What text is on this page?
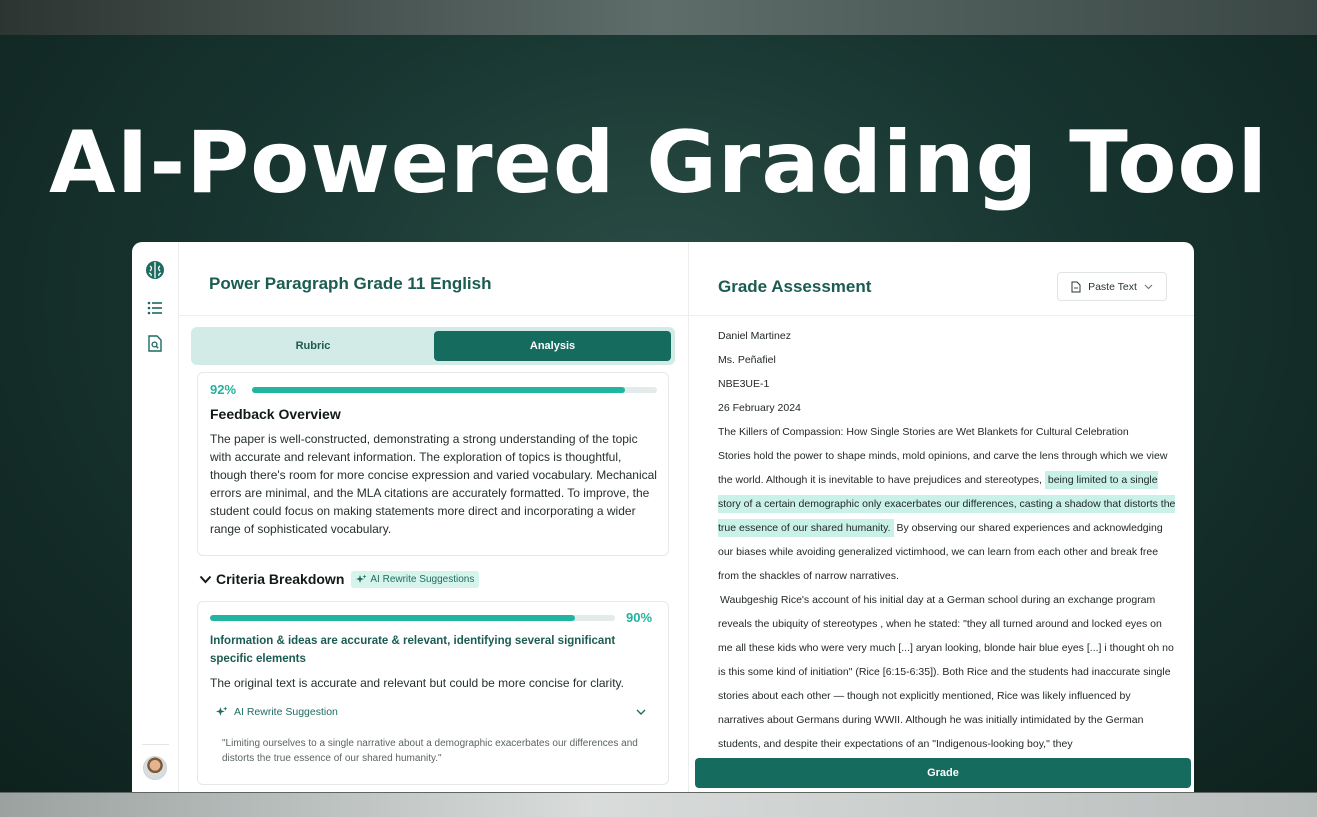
AI-Powered Grading Tool
Power Paragraph Grade 11 English
Rubric	Analysis
92%
Feedback Overview
The paper is well-constructed, demonstrating a strong understanding of the topic with accurate and relevant information. The exploration of topics is thoughtful, though there's room for more concise expression and varied vocabulary. Mechanical errors are minimal, and the MLA citations are accurately formatted. To improve, the student could focus on making statements more direct and incorporating a wider range of sophisticated vocabulary.
Criteria Breakdown	AI Rewrite Suggestions
90%
Information & ideas are accurate & relevant, identifying several significant specific elements
The original text is accurate and relevant but could be more concise for clarity.
AI Rewrite Suggestion
"Limiting ourselves to a single narrative about a demographic exacerbates our differences and distorts the true essence of our shared humanity."
Grade Assessment	Paste Text

Daniel Martinez

Ms. Peñafiel

NBE3UE-1

26 February 2024

The Killers of Compassion: How Single Stories are Wet Blankets for Cultural Celebration

Stories hold the power to shape minds, mold opinions, and carve the lens through which we view the world. Although it is inevitable to have prejudices and stereotypes, being limited to a single story of a certain demographic only exacerbates our differences, casting a shadow that distorts the true essence of our shared humanity. By observing our shared experiences and acknowledging our biases while avoiding generalized victimhood, we can learn from each other and break free from the shackles of narrow narratives.

Waubgeshig Rice's account of his initial day at a German school during an exchange program reveals the ubiquity of stereotypes , when he stated: "they all turned around and locked eyes on me all these kids who were very much [...] aryan looking, blonde hair blue eyes [...] i thought oh no is this some kind of initiation" (Rice [6:15-6:35]). Both Rice and the students had inaccurate single stories about each other — though not explicitly mentioned, Rice was likely influenced by narratives about Germans during WWII. Although he was initially intimidated by the German students, and despite their expectations of an "Indigenous-looking boy," they

Grade
